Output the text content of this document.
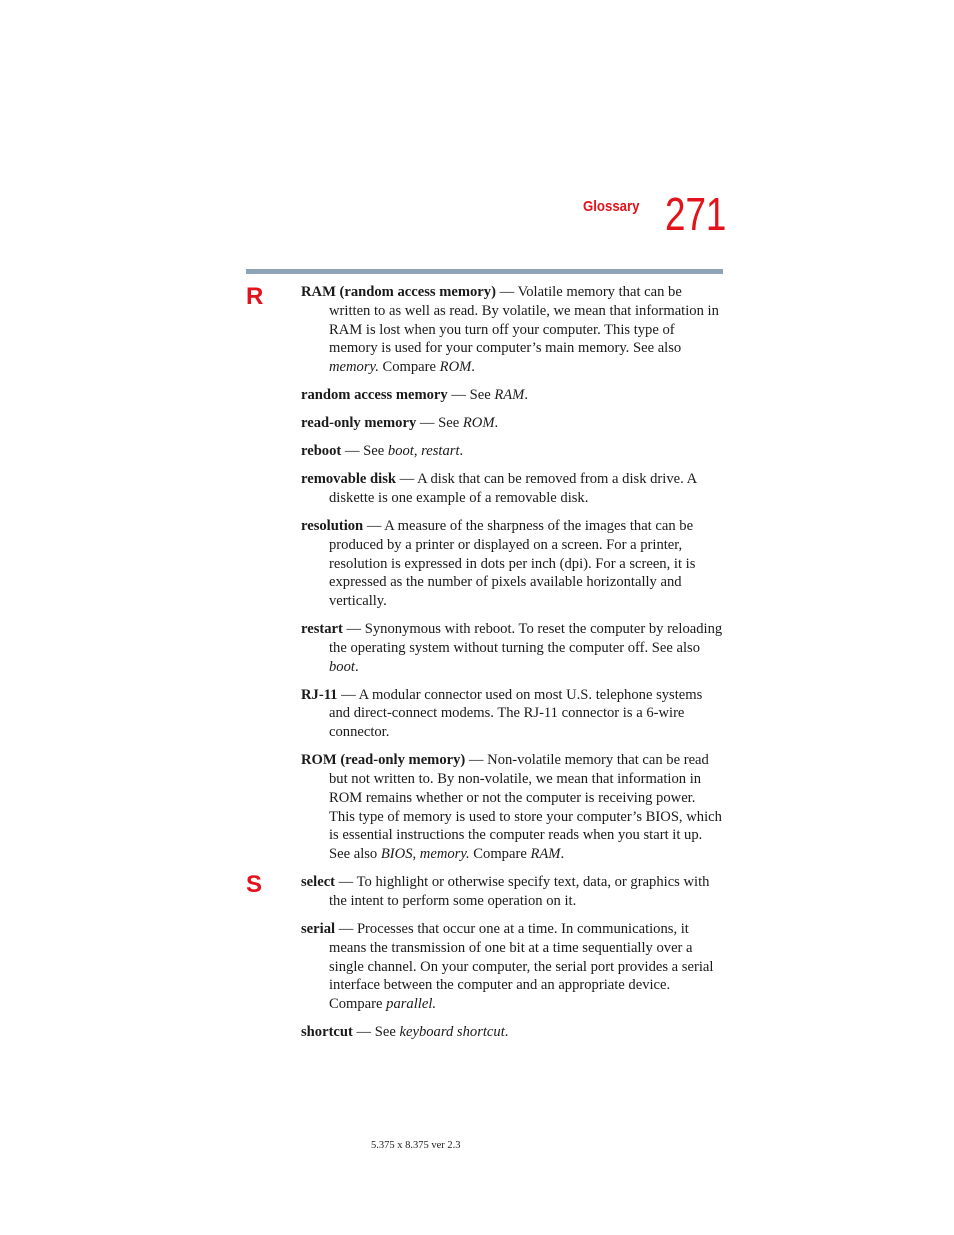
Glossary 271
R
S

RAM (random access memory) — Volatile memory that can be written to as well as read. By volatile, we mean that information in RAM is lost when you turn off your computer. This type of memory is used for your computer’s main memory. See also memory. Compare ROM.

random access memory — See RAM.

read-only memory — See ROM.

reboot — See boot, restart.

removable disk — A disk that can be removed from a disk drive. A diskette is one example of a removable disk.

resolution — A measure of the sharpness of the images that can be produced by a printer or displayed on a screen. For a printer, resolution is expressed in dots per inch (dpi). For a screen, it is expressed as the number of pixels available horizontally and vertically.

restart — Synonymous with reboot. To reset the computer by reloading the operating system without turning the computer off. See also boot.

RJ-11 — A modular connector used on most U.S. telephone systems and direct-connect modems. The RJ-11 connector is a 6-wire connector.

ROM (read-only memory) — Non-volatile memory that can be read but not written to. By non-volatile, we mean that information in ROM remains whether or not the computer is receiving power. This type of memory is used to store your computer’s BIOS, which is essential instructions the computer reads when you start it up. See also BIOS, memory. Compare RAM.

select — To highlight or otherwise specify text, data, or graphics with the intent to perform some operation on it.

serial — Processes that occur one at a time. In communications, it means the transmission of one bit at a time sequentially over a single channel. On your computer, the serial port provides a serial interface between the computer and an appropriate device. Compare parallel.

shortcut — See keyboard shortcut.

5.375 x 8.375 ver 2.3
